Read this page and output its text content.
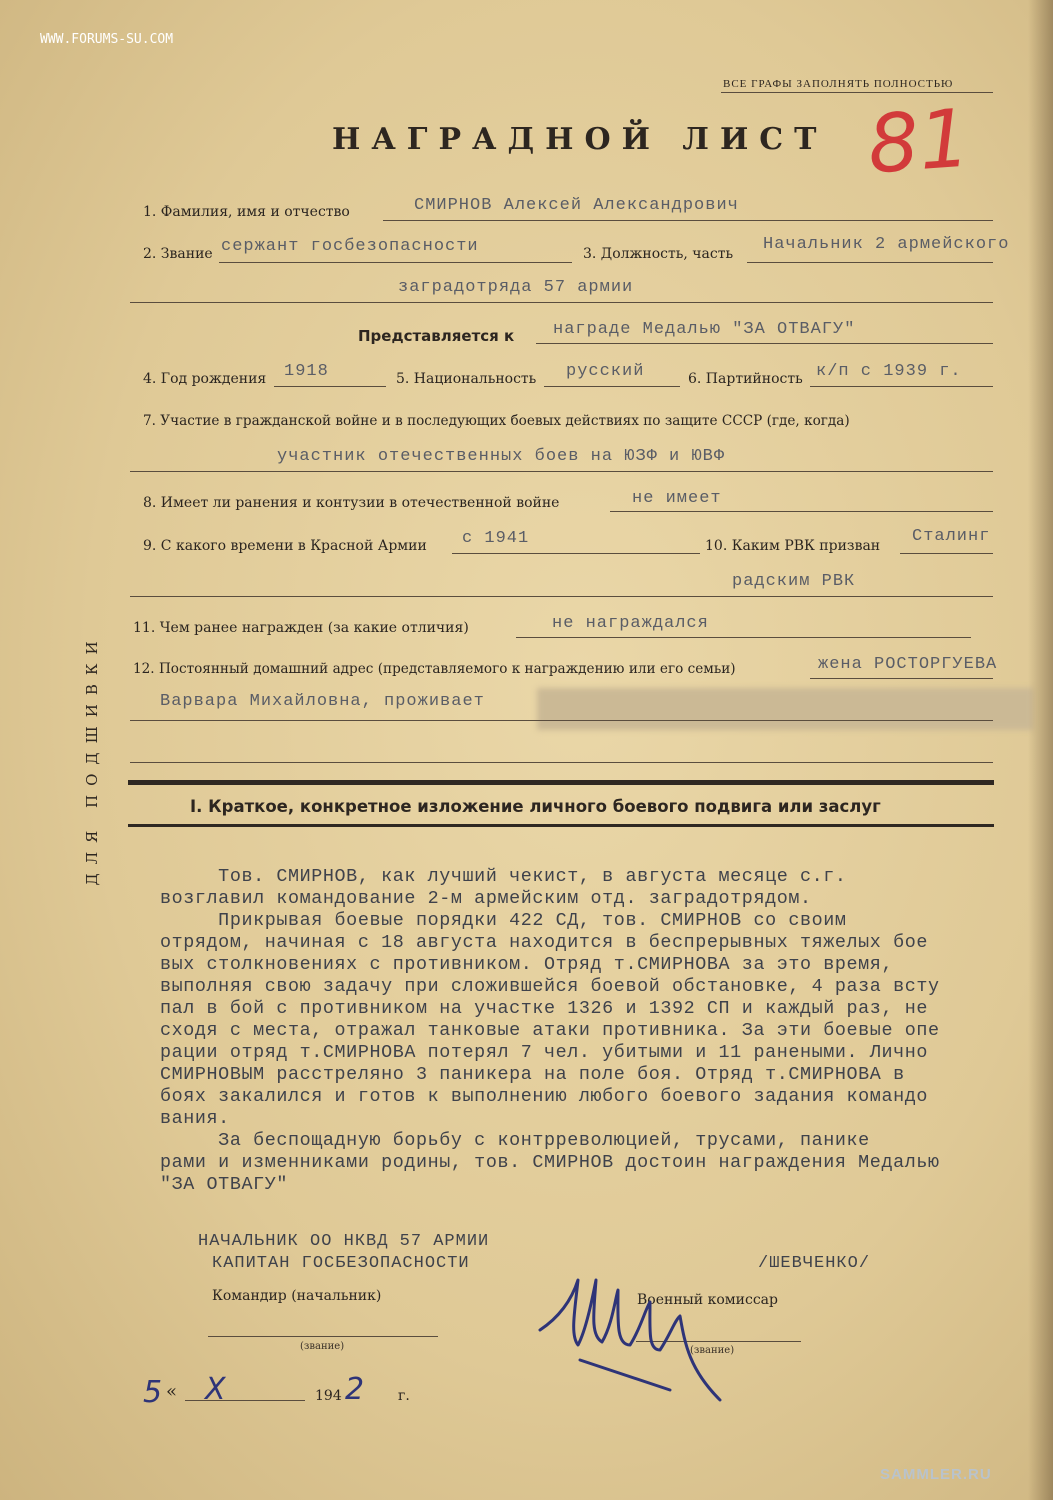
WWW.FORUMS-SU.COM
SAMMLER.RU
ВСЕ ГРАФЫ ЗАПОЛНЯТЬ ПОЛНОСТЬЮ
НАГРАДНОЙ ЛИСТ 81
ДЛЯ ПОДШИВКИ
1. Фамилия, имя и отчество	СМИРНОВ Алексей Александрович
2. Звание сержант госбезопасности	3. Должность, часть Начальник 2 армейского
заградотряда 57 армии
Представляется к награде Медалью "ЗА ОТВАГУ"
4. Год рождения 1918	5. Национальность русский	6. Партийность к/п с 1939 г.
7. Участие в гражданской войне и в последующих боевых действиях по защите СССР (где, когда)
участник отечественных боев на ЮЗФ и ЮВФ
8. Имеет ли ранения и контузии в отечественной войне	не имеет
9. С какого времени в Красной Армии с 1941	10. Каким РВК призван Сталинг
радским РВК
11. Чем ранее награжден (за какие отличия)	не награждался
12. Постоянный домашний адрес (представляемого к награждению или его семьи)	жена РОСТОРГУЕВА
Варвара Михайловна, проживает
I. Краткое, конкретное изложение личного боевого подвига или заслуг
Тов. СМИРНОВ, как лучший чекист, в августа месяце с.г.
возглавил командование 2-м армейским отд. заградотрядом.
Прикрывая боевые порядки 422 СД, тов. СМИРНОВ со своим
отрядом, начиная с 18 августа находится в беспрерывных тяжелых бое
вых столкновениях с противником. Отряд т.СМИРНОВА за это время,
выполняя свою задачу при сложившейся боевой обстановке, 4 раза всту
пал в бой с противником на участке 1326 и 1392 СП и каждый раз, не
сходя с места, отражал танковые атаки противника. За эти боевые опе
рации отряд т.СМИРНОВА потерял 7 чел. убитыми и 11 ранеными. Лично
СМИРНОВЫМ расстреляно 3 паникера на поле боя. Отряд т.СМИРНОВА в
боях закалился и готов к выполнению любого боевого задания командо
вания.
За беспощадную борьбу с контрреволюцией, трусами, панике
рами и изменниками родины, тов. СМИРНОВ достоин награждения Медалью
"ЗА ОТВАГУ"
НАЧАЛЬНИК ОО НКВД 57 АРМИИ
КАПИТАН ГОСБЕЗОПАСНОСТИ	/ШЕВЧЕНКО/
Командир (начальник)	Военный комиссар
(звание)	(звание)
5 « X	194 2 г.
